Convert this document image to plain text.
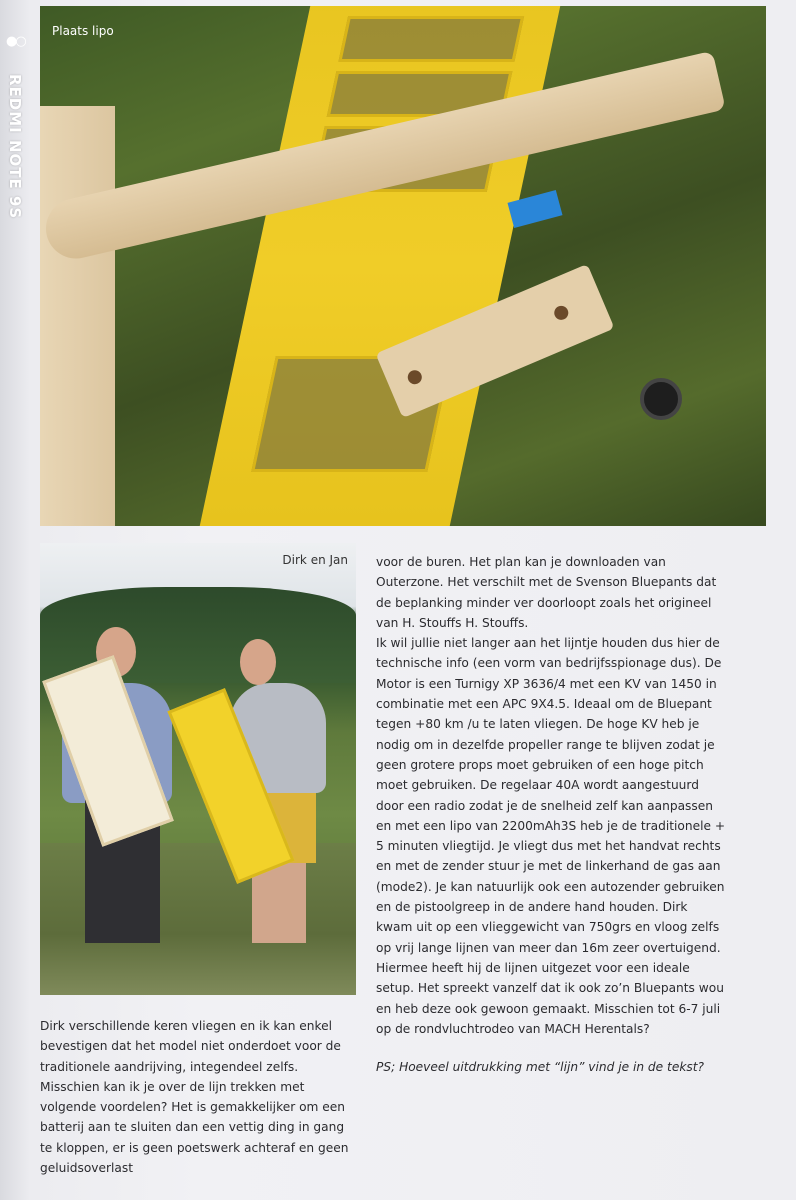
●○
REDMI NOTE 9S
Plaats lipo
Dirk en Jan voor de buren. Het plan kan je downloaden van Outerzone. Het verschilt met de Svenson Bluepants dat de beplanking minder ver doorloopt zoals het origineel van H. Stouffs H. Stouffs.

Ik wil jullie niet langer aan het lijntje houden dus hier de technische info (een vorm van bedrijfsspionage dus). De Motor is een Turnigy XP 3636/4 met een KV van 1450 in combinatie met een APC 9X4.5. Ideaal om de Bluepant tegen +80 km /u te laten vliegen. De hoge KV heb je nodig om in dezelfde propeller range te blijven zodat je geen grotere props moet gebruiken of een hoge pitch moet gebruiken. De regelaar 40A wordt aangestuurd door een radio zodat je de snelheid zelf kan aanpassen en met een lipo van 2200mAh3S heb je de traditionele + 5 minuten vliegtijd. Je vliegt dus met het handvat rechts en met de zender stuur je met de linkerhand de gas aan (mode2). Je kan natuurlijk ook een autozender gebruiken en de pistoolgreep in de andere hand houden. Dirk kwam uit op een vlieggewicht van 750grs en vloog zelfs op vrij lange lijnen van meer dan 16m zeer overtuigend. Hiermee heeft hij de lijnen uitgezet voor een ideale setup. Het spreekt vanzelf dat ik ook zo’n Bluepants wou en heb deze ook gewoon gemaakt. Misschien tot 6-7 juli op de rondvluchtrodeo van MACH Herentals?

PS; Hoeveel uitdrukking met “lijn” vind je in de tekst?

Dirk verschillende keren vliegen en ik kan enkel bevestigen dat het model niet onderdoet voor de traditionele aandrijving, integendeel zelfs. Misschien kan ik je over de lijn trekken met volgende voordelen? Het is gemakkelijker om een batterij aan te sluiten dan een vettig ding in gang te kloppen, er is geen poetswerk achteraf en geen geluidsoverlast
